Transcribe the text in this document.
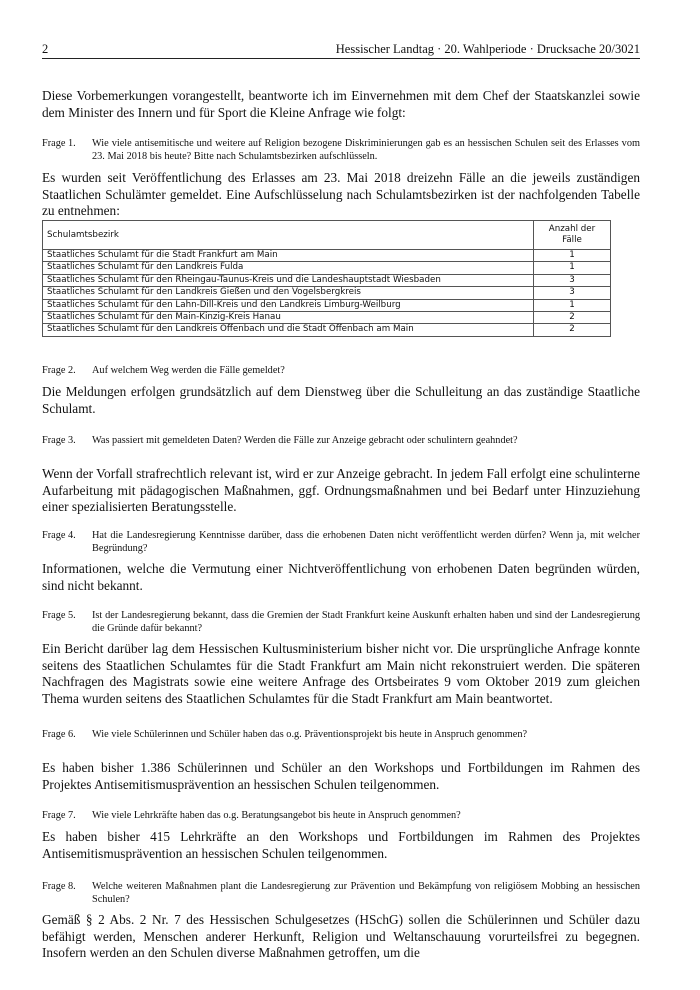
2	Hessischer Landtag · 20. Wahlperiode · Drucksache 20/3021
Diese Vorbemerkungen vorangestellt, beantworte ich im Einvernehmen mit dem Chef der Staatskanzlei sowie dem Minister des Innern und für Sport die Kleine Anfrage wie folgt:
Frage 1. Wie viele antisemitische und weitere auf Religion bezogene Diskriminierungen gab es an hessischen Schulen seit des Erlasses vom 23. Mai 2018 bis heute? Bitte nach Schulamtsbezirken aufschlüsseln.
Es wurden seit Veröffentlichung des Erlasses am 23. Mai 2018 dreizehn Fälle an die jeweils zuständigen Staatlichen Schulämter gemeldet. Eine Aufschlüsselung nach Schulamtsbezirken ist der nachfolgenden Tabelle zu entnehmen:
Schulamtsbezirk	Anzahl der Fälle
Staatliches Schulamt für die Stadt Frankfurt am Main	1
Staatliches Schulamt für den Landkreis Fulda	1
Staatliches Schulamt für den Rheingau-Taunus-Kreis und die Landeshauptstadt Wiesbaden	3
Staatliches Schulamt für den Landkreis Gießen und den Vogelsbergkreis	3
Staatliches Schulamt für den Lahn-Dill-Kreis und den Landkreis Limburg-Weilburg	1
Staatliches Schulamt für den Main-Kinzig-Kreis Hanau	2
Staatliches Schulamt für den Landkreis Offenbach und die Stadt Offenbach am Main	2
Frage 2. Auf welchem Weg werden die Fälle gemeldet?
Die Meldungen erfolgen grundsätzlich auf dem Dienstweg über die Schulleitung an das zuständige Staatliche Schulamt.
Frage 3. Was passiert mit gemeldeten Daten? Werden die Fälle zur Anzeige gebracht oder schulintern geahndet?
Wenn der Vorfall strafrechtlich relevant ist, wird er zur Anzeige gebracht. In jedem Fall erfolgt eine schulinterne Aufarbeitung mit pädagogischen Maßnahmen, ggf. Ordnungsmaßnahmen und bei Bedarf unter Hinzuziehung einer spezialisierten Beratungsstelle.
Frage 4. Hat die Landesregierung Kenntnisse darüber, dass die erhobenen Daten nicht veröffentlicht werden dürfen? Wenn ja, mit welcher Begründung?
Informationen, welche die Vermutung einer Nichtveröffentlichung von erhobenen Daten begründen würden, sind nicht bekannt.
Frage 5. Ist der Landesregierung bekannt, dass die Gremien der Stadt Frankfurt keine Auskunft erhalten haben und sind der Landesregierung die Gründe dafür bekannt?
Ein Bericht darüber lag dem Hessischen Kultusministerium bisher nicht vor. Die ursprüngliche Anfrage konnte seitens des Staatlichen Schulamtes für die Stadt Frankfurt am Main nicht rekonstruiert werden. Die späteren Nachfragen des Magistrats sowie eine weitere Anfrage des Ortsbeirates 9 vom Oktober 2019 zum gleichen Thema wurden seitens des Staatlichen Schulamtes für die Stadt Frankfurt am Main beantwortet.
Frage 6. Wie viele Schülerinnen und Schüler haben das o.g. Präventionsprojekt bis heute in Anspruch genommen?
Es haben bisher 1.386 Schülerinnen und Schüler an den Workshops und Fortbildungen im Rahmen des Projektes Antisemitismusprävention an hessischen Schulen teilgenommen.
Frage 7. Wie viele Lehrkräfte haben das o.g. Beratungsangebot bis heute in Anspruch genommen?
Es haben bisher 415 Lehrkräfte an den Workshops und Fortbildungen im Rahmen des Projektes Antisemitismusprävention an hessischen Schulen teilgenommen.
Frage 8. Welche weiteren Maßnahmen plant die Landesregierung zur Prävention und Bekämpfung von religiösem Mobbing an hessischen Schulen?
Gemäß § 2 Abs. 2 Nr. 7 des Hessischen Schulgesetzes (HSchG) sollen die Schülerinnen und Schüler dazu befähigt werden, Menschen anderer Herkunft, Religion und Weltanschauung vorurteilsfrei zu begegnen. Insofern werden an den Schulen diverse Maßnahmen getroffen, um die
